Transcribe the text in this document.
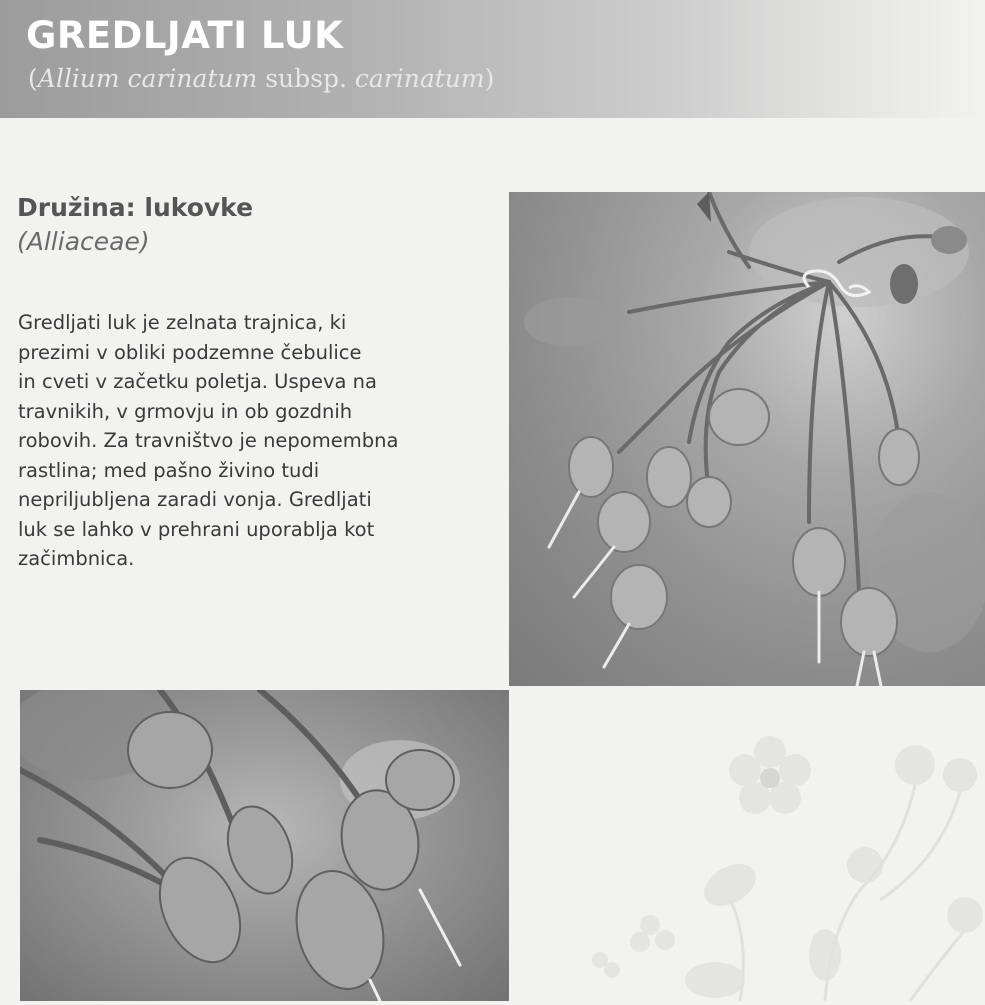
GREDLJATI LUK
(Allium carinatum subsp. carinatum)
Družina: lukovke
(Alliaceae)
Gredljati luk je zelnata trajnica, ki
prezimi v obliki podzemne čebulice
in cveti v začetku poletja. Uspeva na
travnikih, v grmovju in ob gozdnih
robovih. Za travništvo je nepomembna
rastlina; med pašno živino tudi
nepriljubljena zaradi vonja. Gredljati
luk se lahko v prehrani uporablja kot
začimbnica.
